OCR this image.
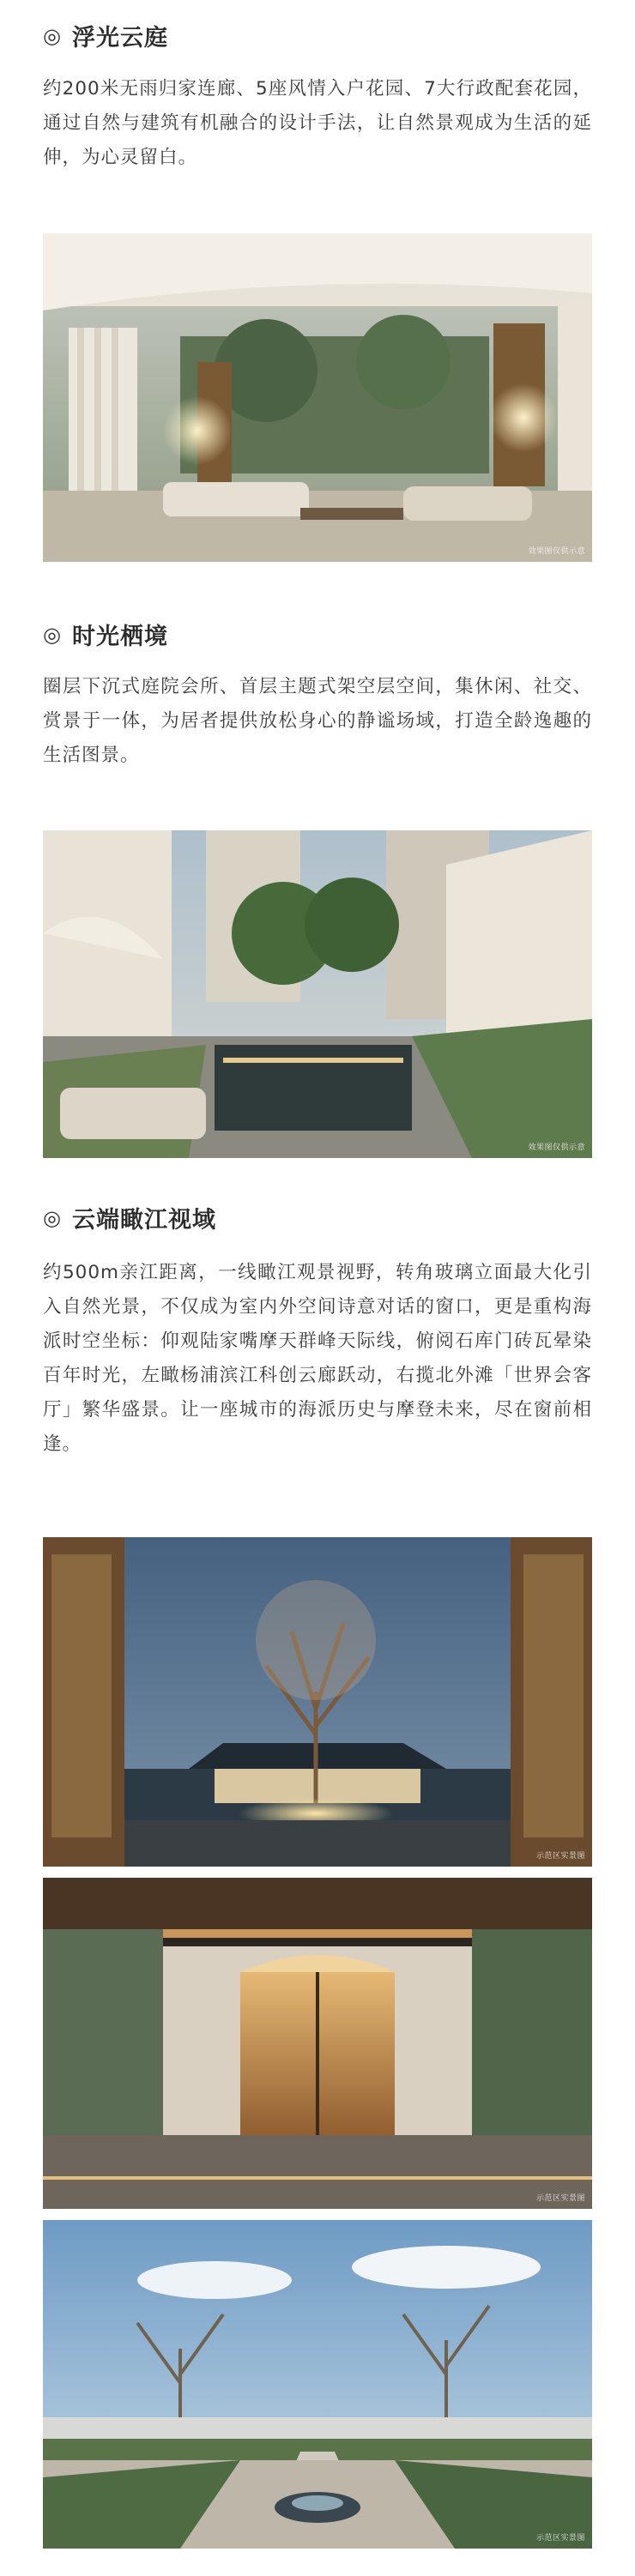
◎ 浮光云庭
约200米无雨归家连廊、5座风情入户花园、7大行政配套花园，通过自然与建筑有机融合的设计手法，让自然景观成为生活的延伸，为心灵留白。
效果图仅供示意
◎ 时光栖境
圈层下沉式庭院会所、首层主题式架空层空间，集休闲、社交、赏景于一体，为居者提供放松身心的静谧场域，打造全龄逸趣的生活图景。
效果图仅供示意
◎ 云端瞰江视域
约500m亲江距离，一线瞰江观景视野，转角玻璃立面最大化引入自然光景，不仅成为室内外空间诗意对话的窗口，更是重构海派时空坐标：仰观陆家嘴摩天群峰天际线，俯阅石库门砖瓦晕染百年时光，左瞰杨浦滨江科创云廊跃动，右揽北外滩「世界会客厅」繁华盛景。让一座城市的海派历史与摩登未来，尽在窗前相逢。
示范区实景图
示范区实景图
示范区实景图
